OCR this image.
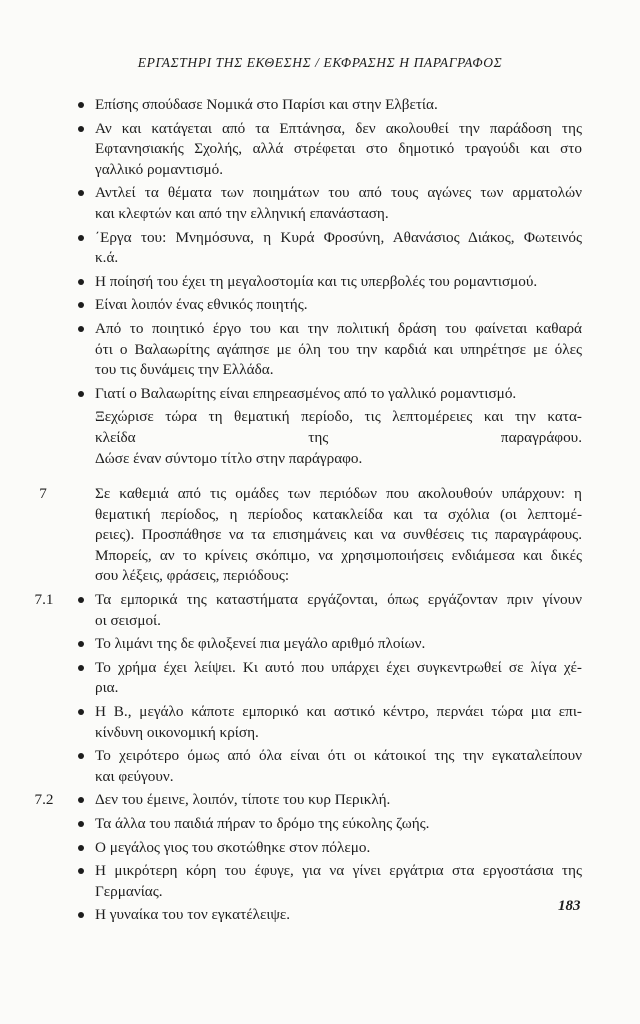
ΕΡΓΑΣΤΗΡΙ ΤΗΣ ΕΚΘΕΣΗΣ / ΕΚΦΡΑΣΗΣ Η ΠΑΡΑΓΡΑΦΟΣ
Επίσης σπούδασε Νομικά στο Παρίσι και στην Ελβετία.
Αν και κατάγεται από τα Επτάνησα, δεν ακολουθεί την παράδοση της
Εφτανησιακής Σχολής, αλλά στρέφεται στο δημοτικό τραγούδι και στο
γαλλικό ρομαντισμό.
Αντλεί τα θέματα των ποιημάτων του από τους αγώνες των αρματολών
και κλεφτών και από την ελληνική επανάσταση.
΄Εργα του: Μνημόσυνα, η Κυρά Φροσύνη, Αθανάσιος Διάκος, Φωτεινός
κ.ά.
Η ποίησή του έχει τη μεγαλοστομία και τις υπερβολές του ρομαντισμού.
Είναι λοιπόν ένας εθνικός ποιητής.
Από το ποιητικό έργο του και την πολιτική δράση του φαίνεται καθαρά
ότι ο Βαλαωρίτης αγάπησε με όλη του την καρδιά και υπηρέτησε με όλες
του τις δυνάμεις την Ελλάδα.
Γιατί ο Βαλαωρίτης είναι επηρεασμένος από το γαλλικό ρομαντισμό.
Ξεχώρισε τώρα τη θεματική περίοδο, τις λεπτομέρειες και την κατα-
κλείδα της παραγράφου.
Δώσε έναν σύντομο τίτλο στην παράγραφο.
7	Σε καθεμιά από τις ομάδες των περιόδων που ακολουθούν υπάρχουν: η
θεματική περίοδος, η περίοδος κατακλείδα και τα σχόλια (οι λεπτομέ-
ρειες). Προσπάθησε να τα επισημάνεις και να συνθέσεις τις παραγράφους.
Μπορείς, αν το κρίνεις σκόπιμο, να χρησιμοποιήσεις ενδιάμεσα και δικές
σου λέξεις, φράσεις, περιόδους:
7.1	Τα εμπορικά της καταστήματα εργάζονται, όπως εργάζονταν πριν γίνουν
οι σεισμοί.
Το λιμάνι της δε φιλοξενεί πια μεγάλο αριθμό πλοίων.
Το χρήμα έχει λείψει. Κι αυτό που υπάρχει έχει συγκεντρωθεί σε λίγα χέ-
ρια.
Η Β., μεγάλο κάποτε εμπορικό και αστικό κέντρο, περνάει τώρα μια επι-
κίνδυνη οικονομική κρίση.
Το χειρότερο όμως από όλα είναι ότι οι κάτοικοί της την εγκαταλείπουν
και φεύγουν.
7.2	Δεν του έμεινε, λοιπόν, τίποτε του κυρ Περικλή.
Τα άλλα του παιδιά πήραν το δρόμο της εύκολης ζωής.
Ο μεγάλος γιος του σκοτώθηκε στον πόλεμο.
Η μικρότερη κόρη του έφυγε, για να γίνει εργάτρια στα εργοστάσια της
Γερμανίας.
Η γυναίκα του τον εγκατέλειψε.
183
